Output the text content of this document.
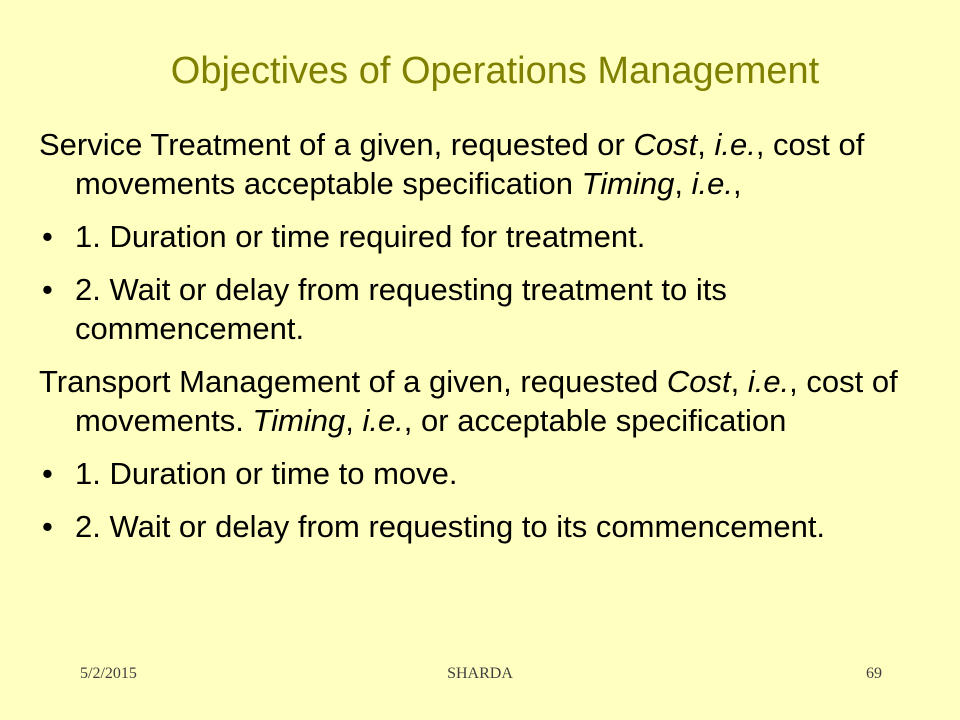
Objectives of Operations Management

Service Treatment of a given, requested or Cost, i.e., cost of movements acceptable specification Timing, i.e.,

• 1. Duration or time required for treatment.

• 2. Wait or delay from requesting treatment to its commencement.

Transport Management of a given, requested Cost, i.e., cost of movements. Timing, i.e., or acceptable specification

• 1. Duration or time to move.

• 2. Wait or delay from requesting to its commencement.

5/2/2015	SHARDA	69
